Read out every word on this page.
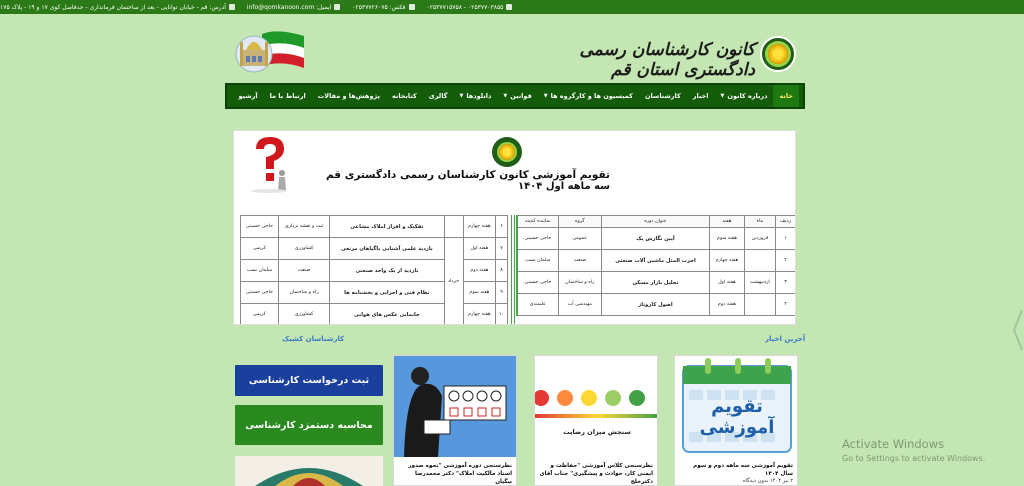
۰۲۵۳۷۷۰۳۸۵۵ - ۰۲۵۳۷۷۱۵۷۵۸
فکس: ۰۲۵۳۷۷۲۶۰۷۵
ایمیل: info@qomkanoon.com
آدرس: قم - خیابان توانایی - بعد از ساختمان فرمانداری - حدفاصل کوی ۱۷ و ۱۹ - پلاک ۱۷۵
کانون کارشناسان رسمی دادگستری استان قم
خانه
درباره کانون
▼
اخبار
کارشناسان
کمیسیون ها و کارگروه ها
▼
قوانین
▼
دانلودها
▼
گالری
کتابخانه
پژوهش‌ها و مقالات
ارتباط با ما
آرشیو
تقویم آموزشی کانون کارشناسان رسمی دادگستری قم
سه ماهه اول ۱۴۰۴
ردیف	ماه	هفته	عنوان دوره	گروه	نماینده کمیته
۱	فروردین	هفته سوم	آیین نگارش یک	عمومی	حاجی حسینی
۲		هفته چهارم	اجرت المثل ماشین آلات صنعتی	صنعت	سلمان نسب
۳	اردیبهشت	هفته اول	تحلیل بازار مسکن	راه و ساختمان	حاجی حسینی
۴		هفته دوم	اصول کاروتاژ	مهندسی آب	علیمندی
۶	هفته چهارم		تفکیک و افراز املاک مشاعی	ثبت و نقشه برداری	حاجی حسینی
۷	هفته اول	خرداد	بازدید علمی آشنایی باگیاهان مرتعی	کشاورزی	کریمی
۸	هفته دوم		بازدید از یک واحد صنعتی	صنعت	سلمان نسب
۹	هفته سوم		نظام فنی و اجرایی و بخشنامه ها	راه و ساختمان	حاجی حسینی
۱۰	هفته چهارم		جانمایی عکس های هوایی	کشاورزی	کریمی
آخرین اخبار
کارشناسان کشیک
تقویم آموزشی
تقویم آموزشی سه ماهه دوم و سوم سال ۱۴۰۴
۲ تیر ۱۴۰۴ بدون دیدگاه
سنجش میزان رضایت
نظرسنجی کلاس آموزشی "حفاظت و ایمنی کار، حوادث و پیشگیری" جناب آقای دکترخلج
نظرسنجی دوره آموزشی "نحوه صدور اسناد مالکیت املاک" دکتر محمدرضا بیگیان
ثبت درخواست کارشناسی
محاسبه دستمزد کارشناسی
Activate Windows
Go to Settings to activate Windows.
